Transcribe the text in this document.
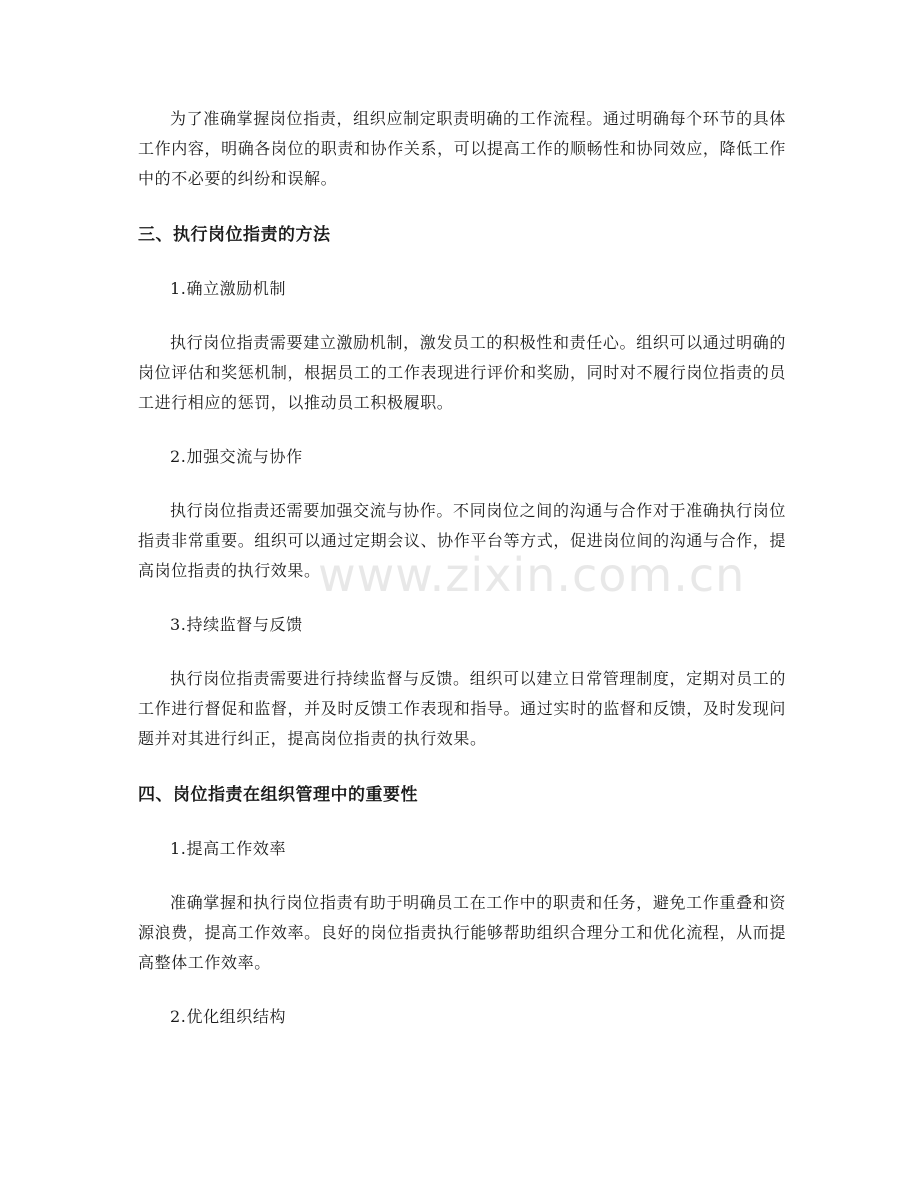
为了准确掌握岗位指责，组织应制定职责明确的工作流程。通过明确每个环节的具体工作内容，明确各岗位的职责和协作关系，可以提高工作的顺畅性和协同效应，降低工作中的不必要的纠纷和误解。

三、执行岗位指责的方法

1.确立激励机制

执行岗位指责需要建立激励机制，激发员工的积极性和责任心。组织可以通过明确的岗位评估和奖惩机制，根据员工的工作表现进行评价和奖励，同时对不履行岗位指责的员工进行相应的惩罚，以推动员工积极履职。

2.加强交流与协作

执行岗位指责还需要加强交流与协作。不同岗位之间的沟通与合作对于准确执行岗位指责非常重要。组织可以通过定期会议、协作平台等方式，促进岗位间的沟通与合作，提高岗位指责的执行效果。

3.持续监督与反馈

执行岗位指责需要进行持续监督与反馈。组织可以建立日常管理制度，定期对员工的工作进行督促和监督，并及时反馈工作表现和指导。通过实时的监督和反馈，及时发现问题并对其进行纠正，提高岗位指责的执行效果。

四、岗位指责在组织管理中的重要性

1.提高工作效率

准确掌握和执行岗位指责有助于明确员工在工作中的职责和任务，避免工作重叠和资源浪费，提高工作效率。良好的岗位指责执行能够帮助组织合理分工和优化流程，从而提高整体工作效率。

2.优化组织结构

www.zixin.com.cn
